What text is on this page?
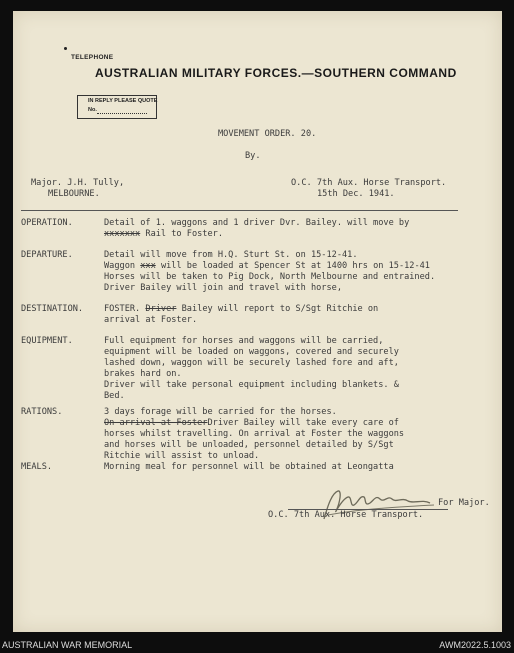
TELEPHONE
AUSTRALIAN MILITARY FORCES.—SOUTHERN COMMAND
IN REPLY PLEASE QUOTE
No.
MOVEMENT ORDER. 20.
By.
Major. J.H. Tully,
MELBOURNE.
O.C. 7th Aux. Horse Transport.
15th Dec. 1941.
OPERATION.	Detail of 1. waggons and 1 driver Dvr. Bailey. will move by
xxxxxxx Rail to Foster.
DEPARTURE.	Detail will move from H.Q. Sturt St. on 15-12-41.
Waggon xxx will be loaded at Spencer St at 1400 hrs on 15-12-41
Horses will be taken to Pig Dock, North Melbourne and entrained.
Driver Bailey will join and travel with horse,
DESTINATION. FOSTER. Driver Bailey will report to S/Sgt Ritchie on
arrival at Foster.
EQUIPMENT.	Full equipment for horses and waggons will be carried,
equipment will be loaded on waggons, covered and securely
lashed down, waggon will be securely lashed fore and aft,
brakes hard on.
Driver will take personal equipment including blankets. &
Bed.
RATIONS.	3 days forage will be carried for the horses.
On arrival at FosterDriver Bailey will take every care of
horses whilst travelling. On arrival at Foster the waggons
and horses will be unloaded, personnel detailed by S/Sgt
Ritchie will assist to unload.
MEALS.	Morning meal for personnel will be obtained at Leongatta
For Major.
O.C. 7th Aux. Horse Transport.
AUSTRALIAN WAR MEMORIAL	AWM2022.5.1003
